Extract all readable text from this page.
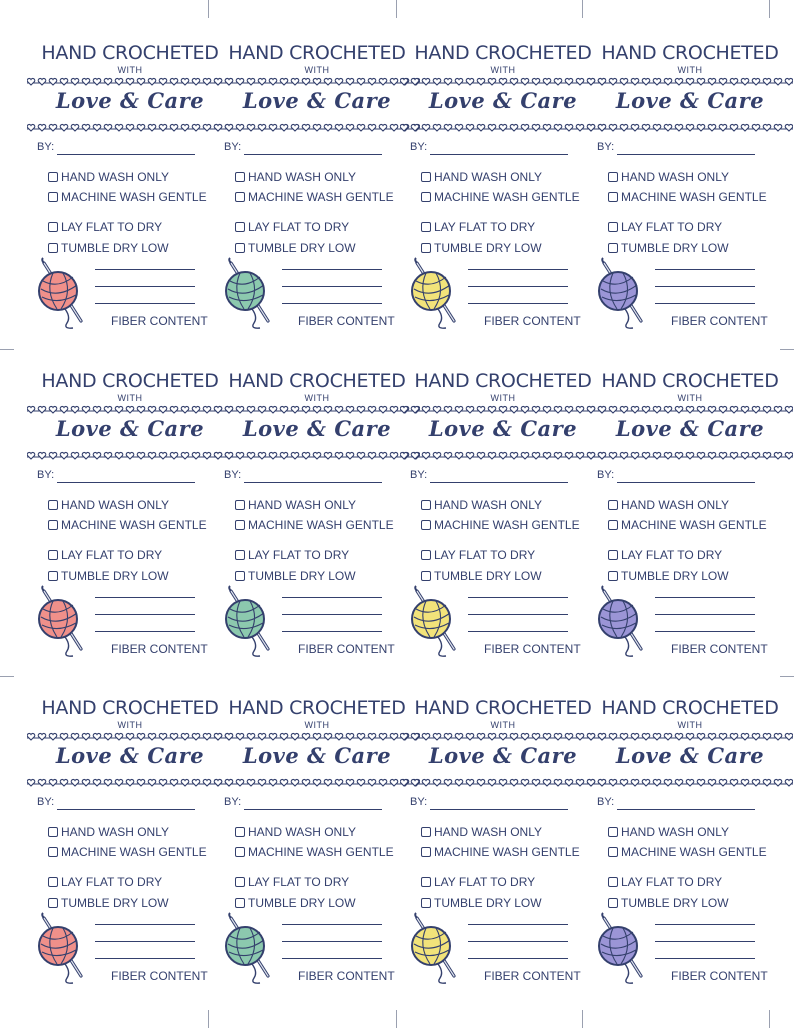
HAND CROCHETED
WITH
Love & Care
BY:
HAND WASH ONLY
MACHINE WASH GENTLE
LAY FLAT TO DRY
TUMBLE DRY LOW
FIBER CONTENT
HAND CROCHETED
WITH
Love & Care
BY:
HAND WASH ONLY
MACHINE WASH GENTLE
LAY FLAT TO DRY
TUMBLE DRY LOW
FIBER CONTENT
HAND CROCHETED
WITH
Love & Care
BY:
HAND WASH ONLY
MACHINE WASH GENTLE
LAY FLAT TO DRY
TUMBLE DRY LOW
FIBER CONTENT
HAND CROCHETED
WITH
Love & Care
BY:
HAND WASH ONLY
MACHINE WASH GENTLE
LAY FLAT TO DRY
TUMBLE DRY LOW
FIBER CONTENT
HAND CROCHETED
WITH
Love & Care
BY:
HAND WASH ONLY
MACHINE WASH GENTLE
LAY FLAT TO DRY
TUMBLE DRY LOW
FIBER CONTENT
HAND CROCHETED
WITH
Love & Care
BY:
HAND WASH ONLY
MACHINE WASH GENTLE
LAY FLAT TO DRY
TUMBLE DRY LOW
FIBER CONTENT
HAND CROCHETED
WITH
Love & Care
BY:
HAND WASH ONLY
MACHINE WASH GENTLE
LAY FLAT TO DRY
TUMBLE DRY LOW
FIBER CONTENT
HAND CROCHETED
WITH
Love & Care
BY:
HAND WASH ONLY
MACHINE WASH GENTLE
LAY FLAT TO DRY
TUMBLE DRY LOW
FIBER CONTENT
HAND CROCHETED
WITH
Love & Care
BY:
HAND WASH ONLY
MACHINE WASH GENTLE
LAY FLAT TO DRY
TUMBLE DRY LOW
FIBER CONTENT
HAND CROCHETED
WITH
Love & Care
BY:
HAND WASH ONLY
MACHINE WASH GENTLE
LAY FLAT TO DRY
TUMBLE DRY LOW
FIBER CONTENT
HAND CROCHETED
WITH
Love & Care
BY:
HAND WASH ONLY
MACHINE WASH GENTLE
LAY FLAT TO DRY
TUMBLE DRY LOW
FIBER CONTENT
HAND CROCHETED
WITH
Love & Care
BY:
HAND WASH ONLY
MACHINE WASH GENTLE
LAY FLAT TO DRY
TUMBLE DRY LOW
FIBER CONTENT
